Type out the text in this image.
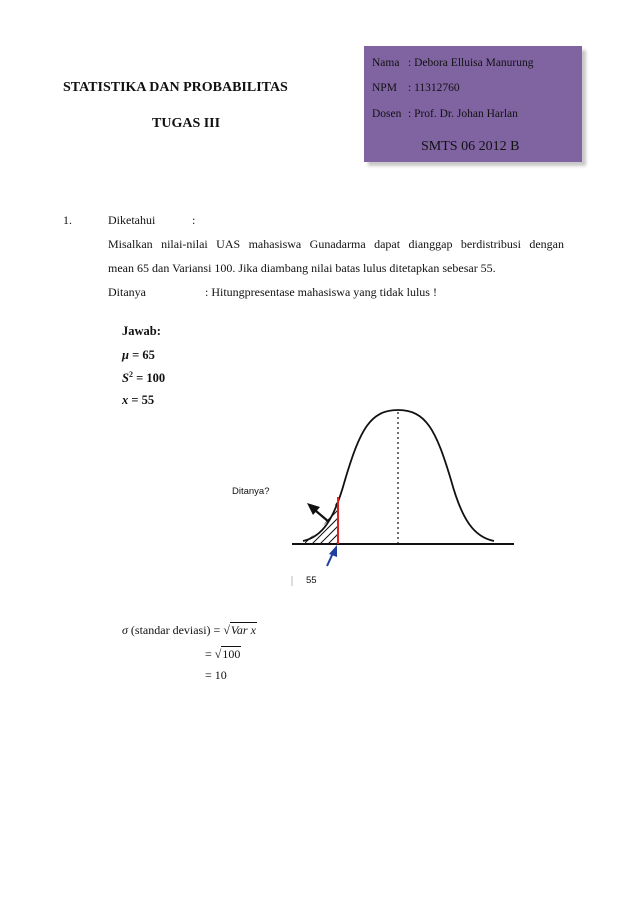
STATISTIKA DAN PROBABILITAS
TUGAS III
Nama : Debora Elluisa Manurung
NPM : 11312760
Dosen : Prof. Dr. Johan Harlan
SMTS 06 2012 B
1.	Diketahui	:
Misalkan nilai-nilai UAS mahasiswa Gunadarma dapat dianggap berdistribusi dengan
mean 65 dan Variansi 100. Jika diambang nilai batas lulus ditetapkan sebesar 55.
Ditanya	: Hitungpresentase mahasiswa yang tidak lulus !
Jawab:
μ = 65
$S^2 = 100$
x = 55
Ditanya?
55
σ (standar deviasi) = √Var x
= √100
= 10
